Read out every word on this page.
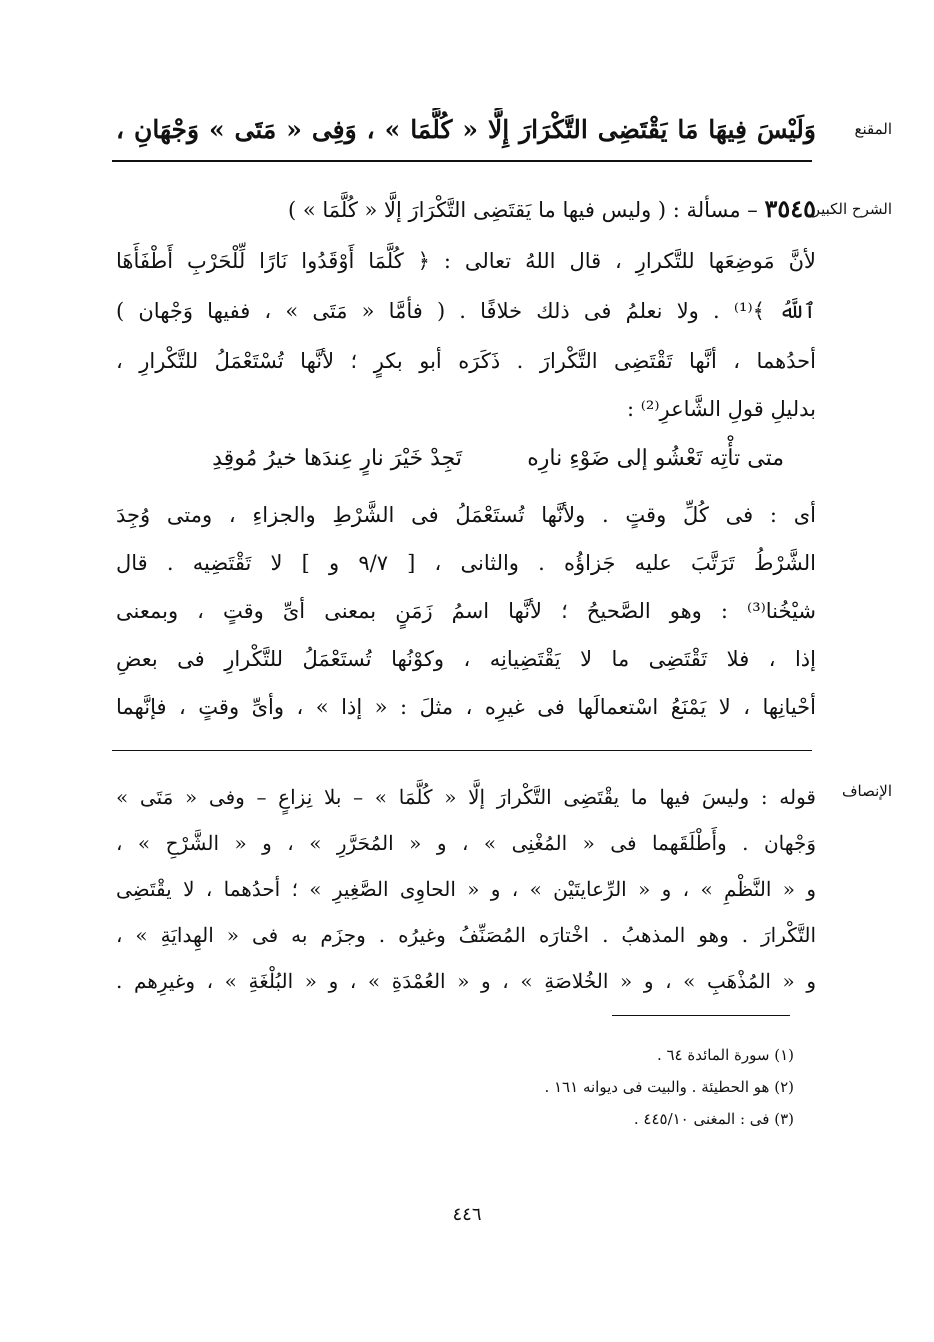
المقنع
وَلَيْسَ فِيهَا مَا يَقْتَضِى التَّكْرَارَ إِلَّا « كُلَّمَا » ، وَفِى « مَتَى » وَجْهَانِ ،
الشرح الكبير
٣٥٤٥ – مسألة : ( وليس فيها ما يَقتَضِى التَّكْرَارَ إلَّا « كُلَّمَا » )
لأنَّ مَوضِعَها للتَّكرارِ ، قال اللهُ تعالى : ﴿ كُلَّمَا أَوْقَدُوا نَارًا لِّلْحَرْبِ أَطْفَأَهَا
ٱللَّهُ ﴾⁽¹⁾ . ولا نعلمُ فى ذلك خلافًا . ( فأمَّا « مَتَى » ، ففيها وَجْهان )
أحدُهما ، أنَّها تَقْتَضِى التَّكْرارَ . ذَكَرَه أبو بكرٍ ؛ لأنَّها تُسْتَعْمَلُ للتَّكْرارِ ،
بدليلِ قولِ الشَّاعرِ⁽²⁾ :
متى تأْتِه تَعْشُو إلى ضَوْءِ نارِه
تَجِدْ خَيْرَ نارٍ عِندَها خيرُ مُوقِدِ
أى : فى كُلِّ وقتٍ . ولأنَّها تُستَعْمَلُ فى الشَّرْطِ والجزاءِ ، ومتى وُجِدَ
الشَّرْطُ تَرَتَّبَ عليه جَزاؤُه . والثانى ، [ ٩/٧ و ] لا تَقْتَضِيه . قال
شيْخُنا⁽³⁾ : وهو الصَّحيحُ ؛ لأنَّها اسمُ زَمَنٍ بمعنى أىِّ وقتٍ ، وبمعنى
إذا ، فلا تَقْتَضِى ما لا يَقْتَضِيانِه ، وكوْنُها تُستَعْمَلُ للتَّكْرارِ فى بعضِ
أحْيانِها ، لا يَمْنَعُ اسْتعمالَها فى غيرِه ، مثلَ : « إذا » ، وأىِّ وقتٍ ، فإنَّهما
الإنصاف
قوله : وليسَ فيها ما يقْتَضِى التَّكْرارَ إلَّا « كُلَّمَا » – بلا نِزاعٍ – وفى « مَتَى »
وَجْهان . وأَطْلَقَهما فى « المُغْنِى » ، و « المُحَرَّرِ » ، و « الشَّرْحِ » ،
و « النَّظْمِ » ، و « الرِّعايتَيْن » ، و « الحاوِى الصَّغِيرِ » ؛ أحدُهما ، لا يقْتَضِى
التَّكْرارَ . وهو المذهبُ . اخْتارَه المُصَنِّفُ وغيرُه . وجزَم به فى « الهِدايَةِ » ،
و « المُذْهَبِ » ، و « الخُلاصَةِ » ، و « العُمْدَةِ » ، و « البُلْغَةِ » ، وغيرِهم .
(١) سورة المائدة ٦٤ .
(٢) هو الحطيئة . والبيت فى ديوانه ١٦١ .
(٣) فى : المغنى ٤٤٥/١٠ .
٤٤٦
